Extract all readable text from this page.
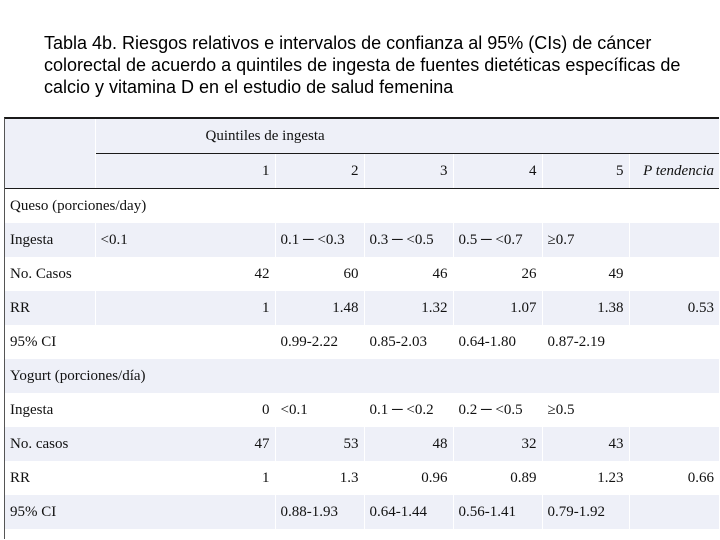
Tabla 4b. Riesgos relativos e intervalos de confianza al 95% (CIs) de cáncer colorectal de acuerdo a quintiles de ingesta de fuentes dietéticas específicas de calcio y vitamina D en el estudio de salud femenina
	Quintiles de ingesta						
	1		2	3	4	5	P tendencia
Queso (porciones/day)							
Ingesta	<0.1		0.1 ─ <0.3	0.3 ─ <0.5	0.5 ─ <0.7	≥0.7	
No. Casos		42	60	46	26	49	
RR		1	1.48	1.32	1.07	1.38	0.53
95% CI			0.99-2.22	0.85-2.03	0.64-1.80	0.87-2.19	
Yogurt (porciones/día)							
Ingesta		0	<0.1	0.1 ─ <0.2	0.2 ─ <0.5	≥0.5	
No. casos		47	53	48	32	43	
RR		1	1.3	0.96	0.89	1.23	0.66
95% CI			0.88-1.93	0.64-1.44	0.56-1.41	0.79-1.92	
